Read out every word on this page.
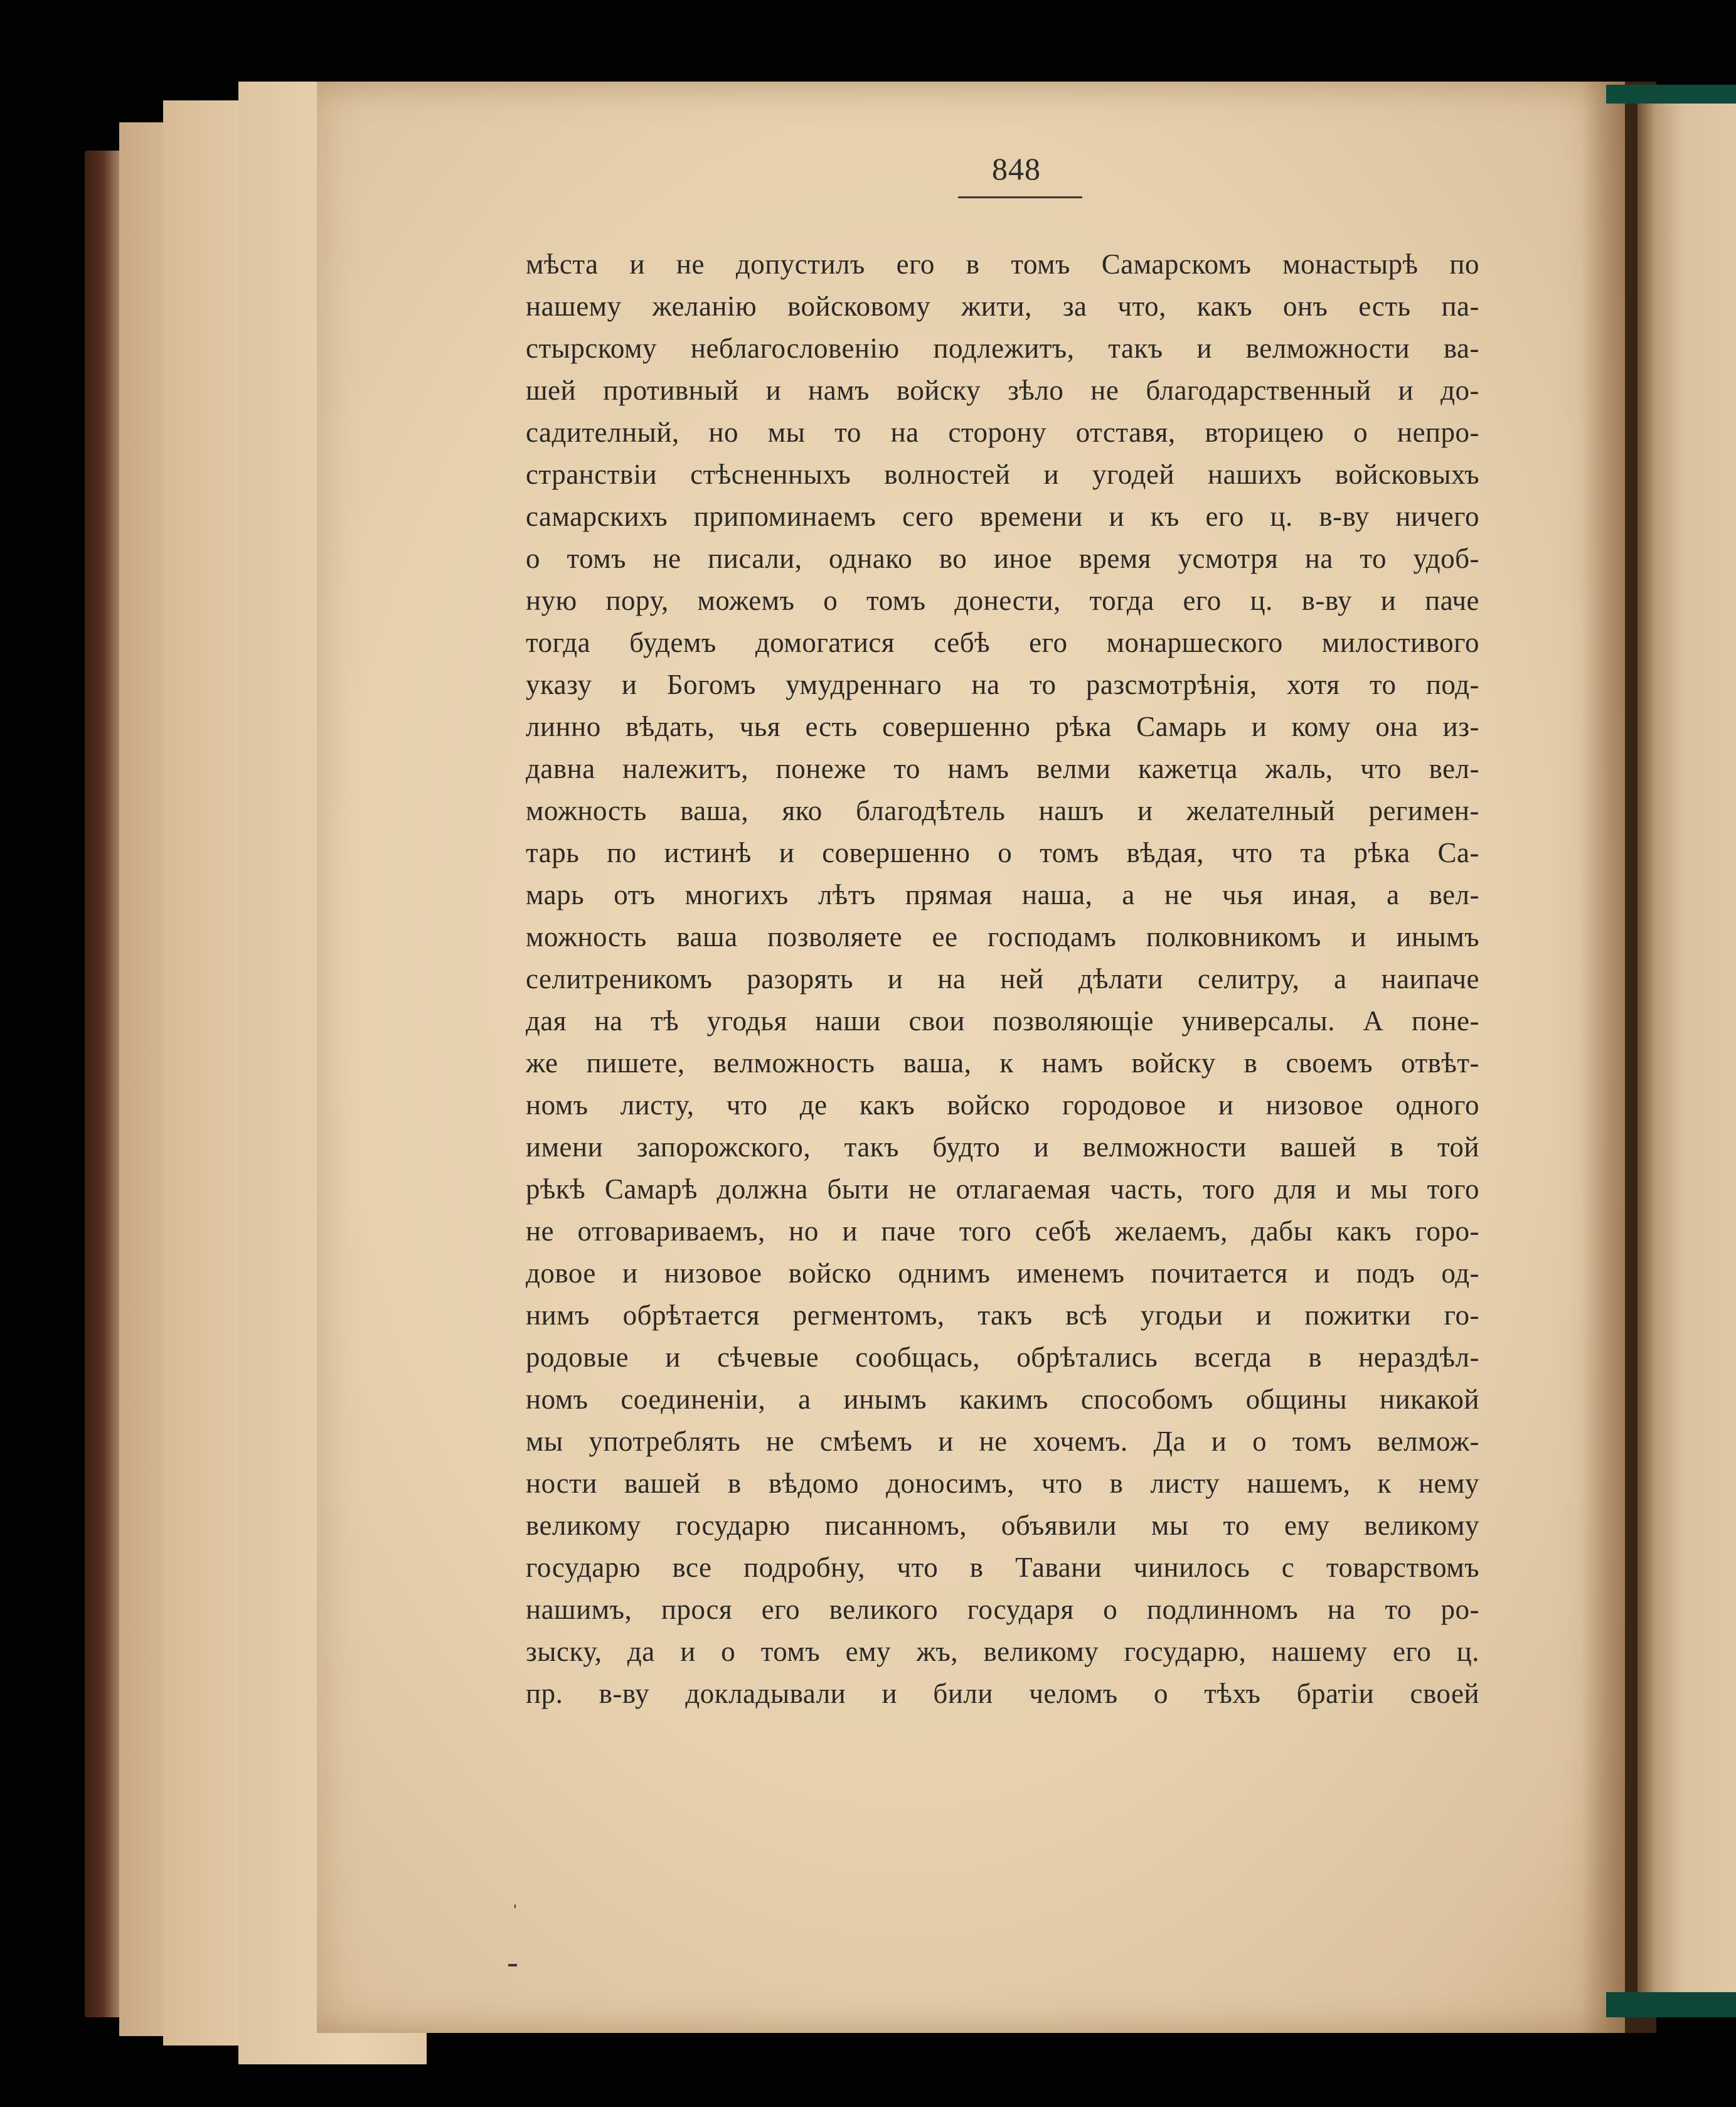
848
мѣста и не допустилъ его в томъ Самарскомъ монастырѣ по
нашему желанію войсковому жити, за что, какъ онъ есть па-
стырскому неблагословенію подлежитъ, такъ и велможности ва-
шей противный и намъ войску зѣло не благодарственный и до-
садителный, но мы то на сторону отставя, вторицею о непро-
странствіи стѣсненныхъ волностей и угодей нашихъ войсковыхъ
самарскихъ припоминаемъ сего времени и къ его ц. в-ву ничего
о томъ не писали, однако во иное время усмотря на то удоб-
ную пору, можемъ о томъ донести, тогда его ц. в-ву и паче
тогда будемъ домогатися себѣ его монаршеского милостивого
указу и Богомъ умудреннаго на то разсмотрѣнія, хотя то под-
линно вѣдать, чья есть совершенно рѣка Самарь и кому она из-
давна належитъ, понеже то намъ велми кажетца жаль, что вел-
можность ваша, яко благодѣтель нашъ и желателный регимен-
тарь по истинѣ и совершенно о томъ вѣдая, что та рѣка Са-
марь отъ многихъ лѣтъ прямая наша, а не чья иная, а вел-
можность ваша позволяете ее господамъ полковникомъ и инымъ
селитреникомъ разорять и на ней дѣлати селитру, а наипаче
дая на тѣ угодья наши свои позволяющіе универсалы. А поне-
же пишете, велможность ваша, к намъ войску в своемъ отвѣт-
номъ листу, что де какъ войско городовое и низовое одного
имени запорожского, такъ будто и велможности вашей в той
рѣкѣ Самарѣ должна быти не отлагаемая часть, того для и мы того
не отговариваемъ, но и паче того себѣ желаемъ, дабы какъ горо-
довое и низовое войско однимъ именемъ почитается и подъ од-
нимъ обрѣтается регментомъ, такъ всѣ угодьи и пожитки го-
родовые и сѣчевые сообщась, обрѣтались всегда в нераздѣл-
номъ соединеніи, а инымъ какимъ способомъ общины никакой
мы употреблять не смѣемъ и не хочемъ. Да и о томъ велмож-
ности вашей в вѣдомо доносимъ, что в листу нашемъ, к нему
великому государю писанномъ, объявили мы то ему великому
государю все подробну, что в Тавани чинилось с товарствомъ
нашимъ, прося его великого государя о подлинномъ на то ро-
зыску, да и о томъ ему жъ, великому государю, нашему его ц.
пр. в-ву докладывали и били челомъ о тѣхъ братіи своей
ˌ
